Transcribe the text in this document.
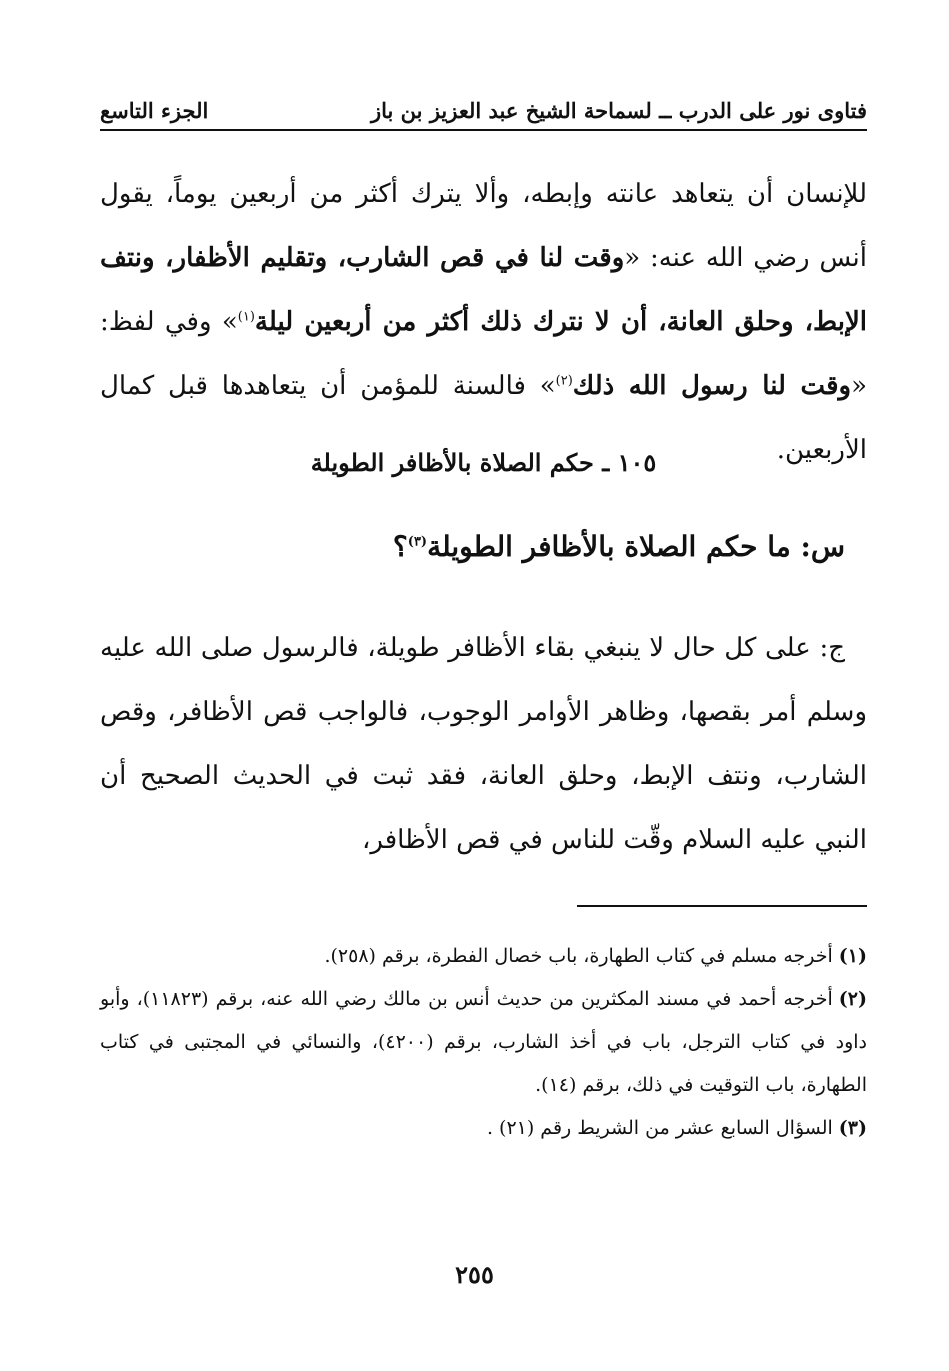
فتاوى نور على الدرب ــ لسماحة الشيخ عبد العزيز بن باز
الجزء التاسع

للإنسان أن يتعاهد عانته وإبطه، وألا يترك أكثر من أربعين يوماً، يقول أنس رضي الله عنه: «وقت لنا في قص الشارب، وتقليم الأظفار، ونتف الإبط، وحلق العانة، أن لا نترك ذلك أكثر من أربعين ليلة$^{(١)}$» وفي لفظ: «وقت لنا رسول الله ذلك$^{(٢)}$» فالسنة للمؤمن أن يتعاهدها قبل كمال الأربعين.

١٠٥ ـ حكم الصلاة بالأظافر الطويلة
س: ما حكم الصلاة بالأظافر الطويلة$^{(٣)}$؟

ج: على كل حال لا ينبغي بقاء الأظافر طويلة، فالرسول صلى الله عليه وسلم أمر بقصها، وظاهر الأوامر الوجوب، فالواجب قص الأظافر، وقص الشارب، ونتف الإبط، وحلق العانة، فقد ثبت في الحديث الصحيح أن النبي عليه السلام وقّت للناس في قص الأظافر،

(١)أخرجه مسلم في كتاب الطهارة، باب خصال الفطرة، برقم (٢٥٨).
(٢)أخرجه أحمد في مسند المكثرين من حديث أنس بن مالك رضي الله عنه، برقم (١١٨٢٣)، وأبو داود في كتاب الترجل، باب في أخذ الشارب، برقم (٤٢٠٠)، والنسائي في المجتبى في كتاب الطهارة، باب التوقيت في ذلك، برقم (١٤).
(٣)السؤال السابع عشر من الشريط رقم (٢١) .
٢٥٥
